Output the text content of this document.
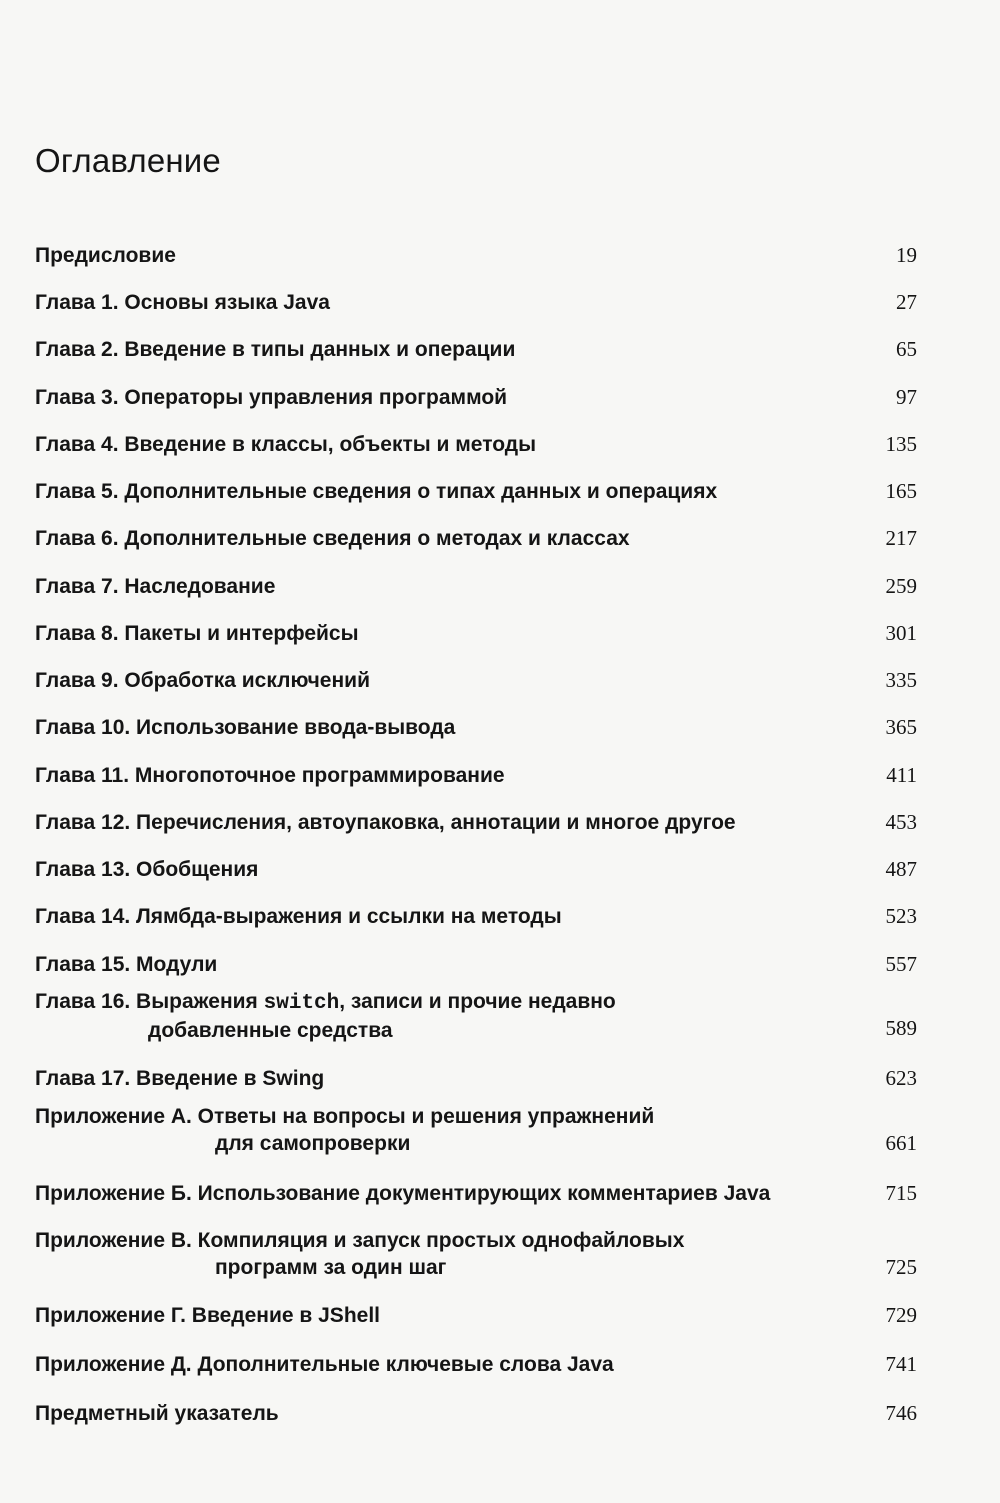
Оглавление
Предисловие	19
Глава 1. Основы языка Java	27
Глава 2. Введение в типы данных и операции	65
Глава 3. Операторы управления программой	97
Глава 4. Введение в классы, объекты и методы	135
Глава 5. Дополнительные сведения о типах данных и операциях	165
Глава 6. Дополнительные сведения о методах и классах	217
Глава 7. Наследование	259
Глава 8. Пакеты и интерфейсы	301
Глава 9. Обработка исключений	335
Глава 10. Использование ввода-вывода	365
Глава 11. Многопоточное программирование	411
Глава 12. Перечисления, автоупаковка, аннотации и многое другое	453
Глава 13. Обобщения	487
Глава 14. Лямбда-выражения и ссылки на методы	523
Глава 15. Модули	557
Глава 16. Выражения switch, записи и прочие недавно
добавленные средства	589
Глава 17. Введение в Swing	623
Приложение А. Ответы на вопросы и решения упражнений
для самопроверки	661
Приложение Б. Использование документирующих комментариев Java	715
Приложение В. Компиляция и запуск простых однофайловых
программ за один шаг	725
Приложение Г. Введение в JShell	729
Приложение Д. Дополнительные ключевые слова Java	741
Предметный указатель	746
